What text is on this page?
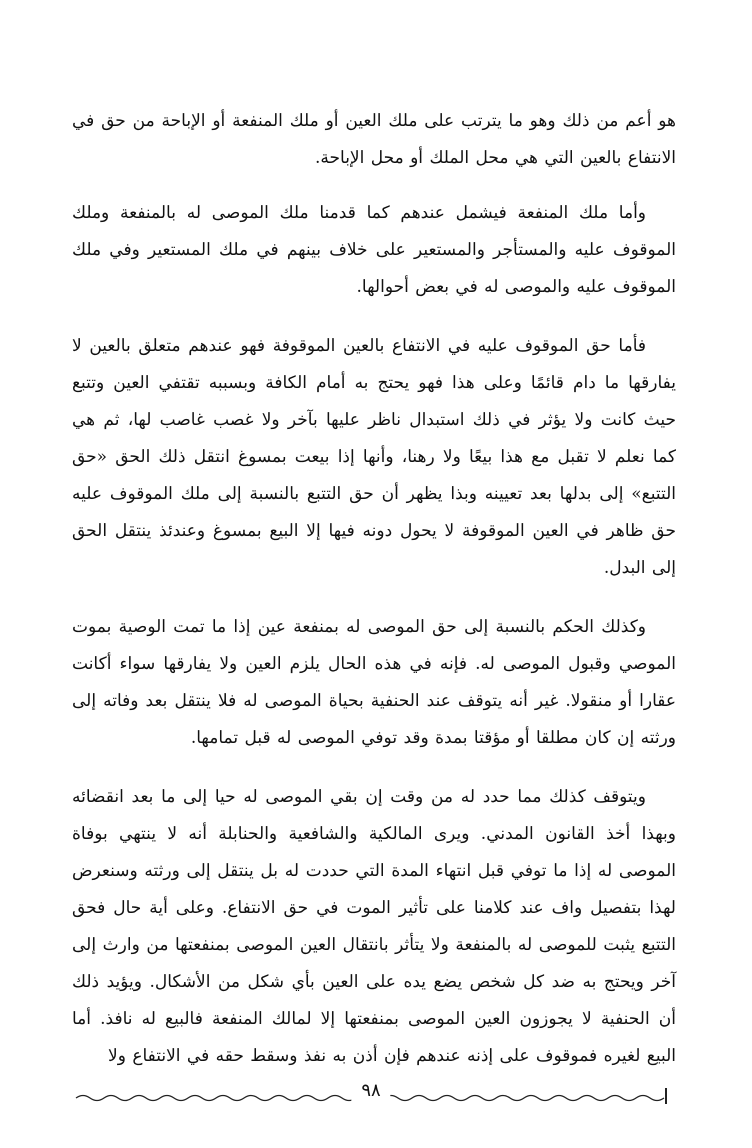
هو أعم من ذلك وهو ما يترتب على ملك العين أو ملك المنفعة أو الإباحة من حق في الانتفاع بالعين التي هي محل الملك أو محل الإباحة.

وأما ملك المنفعة فيشمل عندهم كما قدمنا ملك الموصى له بالمنفعة وملك الموقوف عليه والمستأجر والمستعير على خلاف بينهم في ملك المستعير وفي ملك الموقوف عليه والموصى له في بعض أحوالها.

فأما حق الموقوف عليه في الانتفاع بالعين الموقوفة فهو عندهم متعلق بالعين لا يفارقها ما دام قائمًا وعلى هذا فهو يحتج به أمام الكافة وبسببه تقتفي العين وتتبع حيث كانت ولا يؤثر في ذلك استبدال ناظر عليها بآخر ولا غصب غاصب لها، ثم هي كما نعلم لا تقبل مع هذا بيعًا ولا رهنا، وأنها إذا بيعت بمسوغ انتقل ذلك الحق «حق التتبع» إلى بدلها بعد تعيينه وبذا يظهر أن حق التتبع بالنسبة إلى ملك الموقوف عليه حق ظاهر في العين الموقوفة لا يحول دونه فيها إلا البيع بمسوغ وعندئذ ينتقل الحق إلى البدل.

وكذلك الحكم بالنسبة إلى حق الموصى له بمنفعة عين إذا ما تمت الوصية بموت الموصي وقبول الموصى له. فإنه في هذه الحال يلزم العين ولا يفارقها سواء أكانت عقارا أو منقولا. غير أنه يتوقف عند الحنفية بحياة الموصى له فلا ينتقل بعد وفاته إلى ورثته إن كان مطلقا أو مؤقتا بمدة وقد توفي الموصى له قبل تمامها.

ويتوقف كذلك مما حدد له من وقت إن بقي الموصى له حيا إلى ما بعد انقضائه وبهذا أخذ القانون المدني. ويرى المالكية والشافعية والحنابلة أنه لا ينتهي بوفاة الموصى له إذا ما توفي قبل انتهاء المدة التي حددت له بل ينتقل إلى ورثته وسنعرض لهذا بتفصيل واف عند كلامنا على تأثير الموت في حق الانتفاع. وعلى أية حال فحق التتبع يثبت للموصى له بالمنفعة ولا يتأثر بانتقال العين الموصى بمنفعتها من وارث إلى آخر ويحتج به ضد كل شخص يضع يده على العين بأي شكل من الأشكال. ويؤيد ذلك أن الحنفية لا يجوزون العين الموصى بمنفعتها إلا لمالك المنفعة فالبيع له نافذ. أما البيع لغيره فموقوف على إذنه عندهم فإن أذن به نفذ وسقط حقه في الانتفاع ولا

٩٨
